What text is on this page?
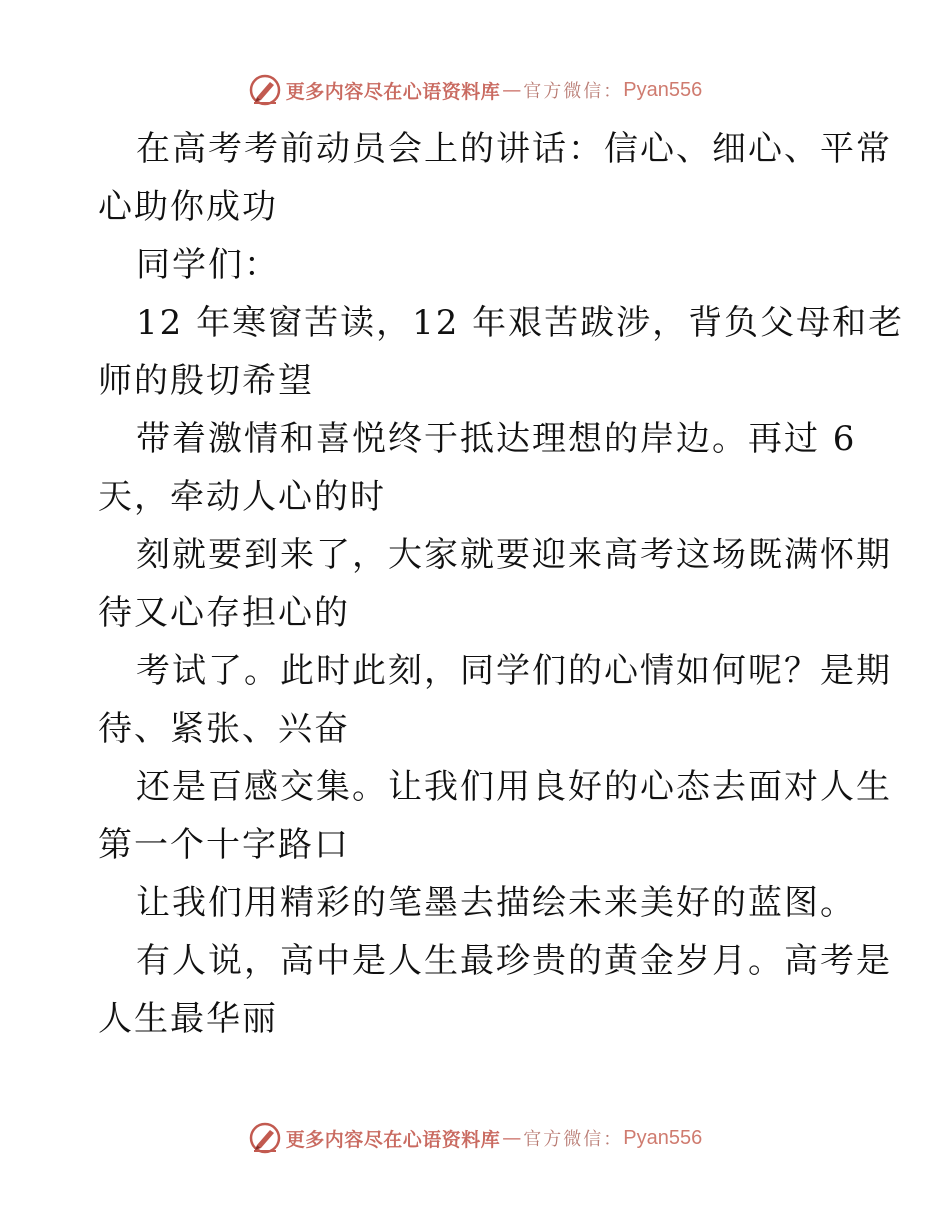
更多内容尽在心语资料库 — 官方微信： Pyan556
在高考考前动员会上的讲话：信心、细心、平常
心助你成功
同学们：
12 年寒窗苦读，12 年艰苦跋涉，背负父母和老
师的殷切希望
带着激情和喜悦终于抵达理想的岸边。再过 6
天，牵动人心的时
刻就要到来了，大家就要迎来高考这场既满怀期
待又心存担心的
考试了。此时此刻，同学们的心情如何呢？是期
待、紧张、兴奋
还是百感交集。让我们用良好的心态去面对人生
第一个十字路口
让我们用精彩的笔墨去描绘未来美好的蓝图。
有人说，高中是人生最珍贵的黄金岁月。高考是
人生最华丽
更多内容尽在心语资料库 — 官方微信： Pyan556
